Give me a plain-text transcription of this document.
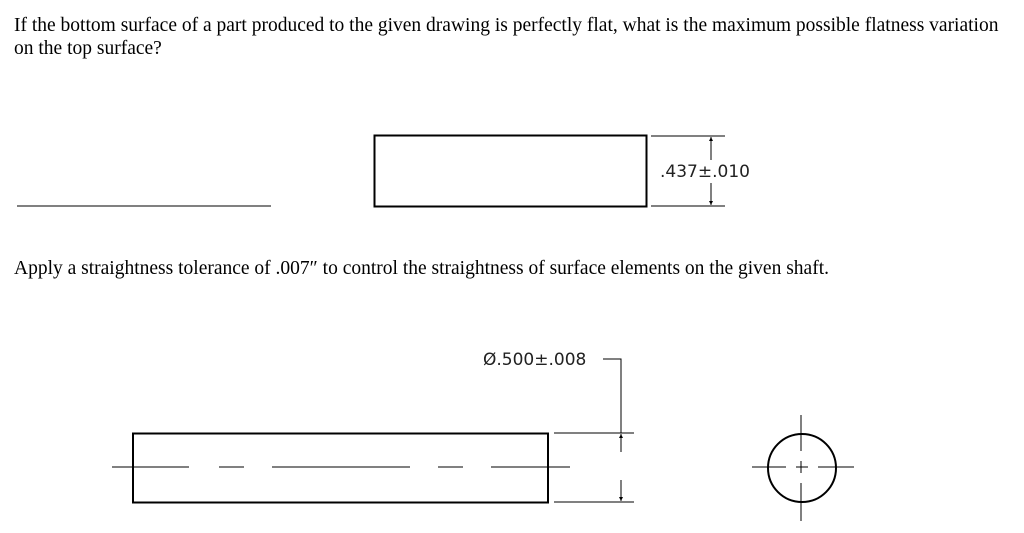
If the bottom surface of a part produced to the given drawing is perfectly flat, what is the maximum possible flatness variation on the top surface?
Apply a straightness tolerance of .007″ to control the straightness of surface elements on the given shaft.
.437±.010
Ø.500±.008
